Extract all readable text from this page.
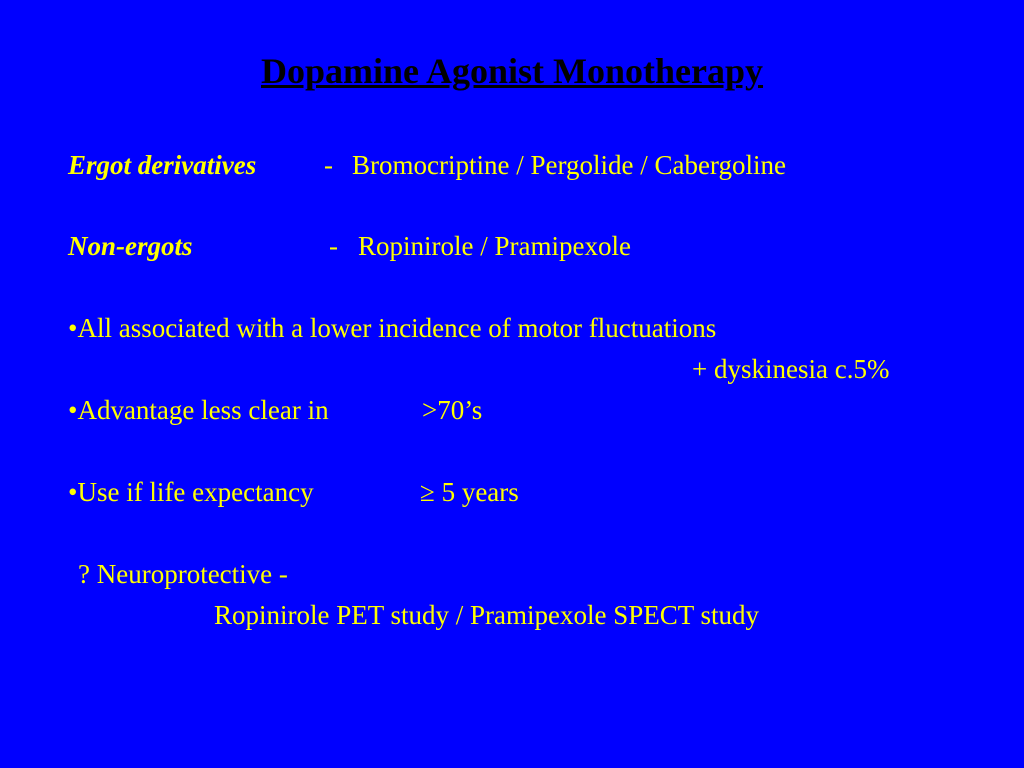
Dopamine Agonist Monotherapy
Ergot derivatives	- Bromocriptine / Pergolide / Cabergoline
Non-ergots	- Ropinirole / Pramipexole
•All associated with a lower incidence of motor fluctuations
+ dyskinesia c.5%
•Advantage less clear in	>70’s
•Use if life expectancy	≥ 5 years
? Neuroprotective -
Ropinirole PET study / Pramipexole SPECT study
